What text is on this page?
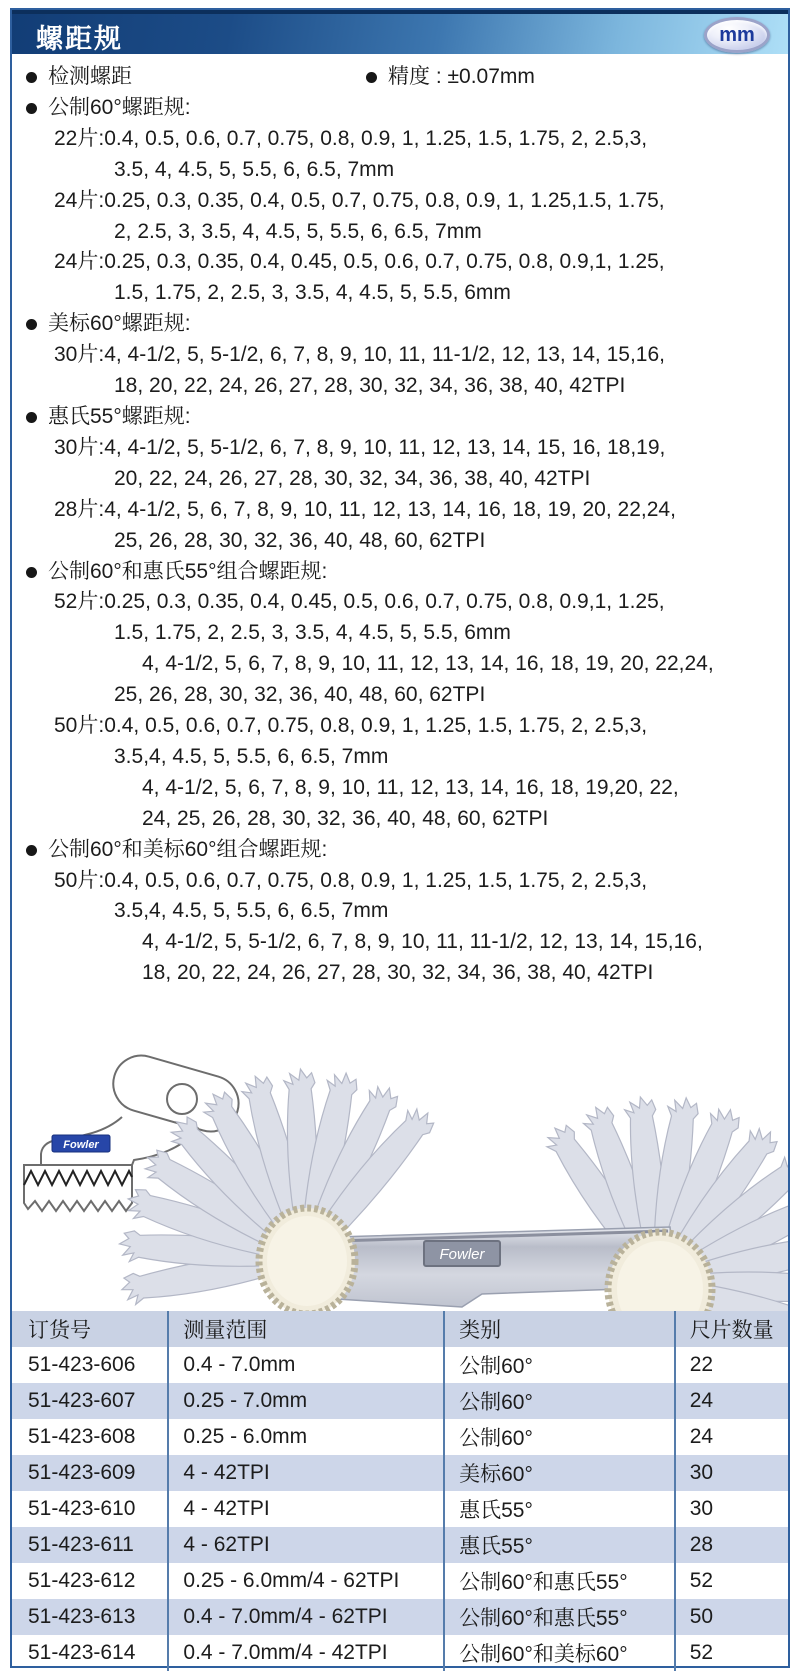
螺距规	mm
检测螺距	精度 : ±0.07mm
公制60°螺距规:
22片:0.4, 0.5, 0.6, 0.7, 0.75, 0.8, 0.9, 1, 1.25, 1.5, 1.75, 2, 2.5,3,
3.5, 4, 4.5, 5, 5.5, 6, 6.5, 7mm
24片:0.25, 0.3, 0.35, 0.4, 0.5, 0.7, 0.75, 0.8, 0.9, 1, 1.25,1.5, 1.75,
2, 2.5, 3, 3.5, 4, 4.5, 5, 5.5, 6, 6.5, 7mm
24片:0.25, 0.3, 0.35, 0.4, 0.45, 0.5, 0.6, 0.7, 0.75, 0.8, 0.9,1, 1.25,
1.5, 1.75, 2, 2.5, 3, 3.5, 4, 4.5, 5, 5.5, 6mm
美标60°螺距规:
30片:4, 4-1/2, 5, 5-1/2, 6, 7, 8, 9, 10, 11, 11-1/2, 12, 13, 14, 15,16,
18, 20, 22, 24, 26, 27, 28, 30, 32, 34, 36, 38, 40, 42TPI
惠氏55°螺距规:
30片:4, 4-1/2, 5, 5-1/2, 6, 7, 8, 9, 10, 11, 12, 13, 14, 15, 16, 18,19,
20, 22, 24, 26, 27, 28, 30, 32, 34, 36, 38, 40, 42TPI
28片:4, 4-1/2, 5, 6, 7, 8, 9, 10, 11, 12, 13, 14, 16, 18, 19, 20, 22,24,
25, 26, 28, 30, 32, 36, 40, 48, 60, 62TPI
公制60°和惠氏55°组合螺距规:
52片:0.25, 0.3, 0.35, 0.4, 0.45, 0.5, 0.6, 0.7, 0.75, 0.8, 0.9,1, 1.25,
1.5, 1.75, 2, 2.5, 3, 3.5, 4, 4.5, 5, 5.5, 6mm
4, 4-1/2, 5, 6, 7, 8, 9, 10, 11, 12, 13, 14, 16, 18, 19, 20, 22,24,
25, 26, 28, 30, 32, 36, 40, 48, 60, 62TPI
50片:0.4, 0.5, 0.6, 0.7, 0.75, 0.8, 0.9, 1, 1.25, 1.5, 1.75, 2, 2.5,3,
3.5,4, 4.5, 5, 5.5, 6, 6.5, 7mm
4, 4-1/2, 5, 6, 7, 8, 9, 10, 11, 12, 13, 14, 16, 18, 19,20, 22,
24, 25, 26, 28, 30, 32, 36, 40, 48, 60, 62TPI
公制60°和美标60°组合螺距规:
50片:0.4, 0.5, 0.6, 0.7, 0.75, 0.8, 0.9, 1, 1.25, 1.5, 1.75, 2, 2.5,3,
3.5,4, 4.5, 5, 5.5, 6, 6.5, 7mm
4, 4-1/2, 5, 5-1/2, 6, 7, 8, 9, 10, 11, 11-1/2, 12, 13, 14, 15,16,
18, 20, 22, 24, 26, 27, 28, 30, 32, 34, 36, 38, 40, 42TPI
Fowler
Fowler
订货号	测量范围	类别	尺片数量
51-423-606	0.4 - 7.0mm	公制60°	22
51-423-607	0.25 - 7.0mm	公制60°	24
51-423-608	0.25 - 6.0mm	公制60°	24
51-423-609	4 - 42TPI	美标60°	30
51-423-610	4 - 42TPI	惠氏55°	30
51-423-611	4 - 62TPI	惠氏55°	28
51-423-612	0.25 - 6.0mm/4 - 62TPI	公制60°和惠氏55°	52
51-423-613	0.4 - 7.0mm/4 - 62TPI	公制60°和惠氏55°	50
51-423-614	0.4 - 7.0mm/4 - 42TPI	公制60°和美标60°	52
